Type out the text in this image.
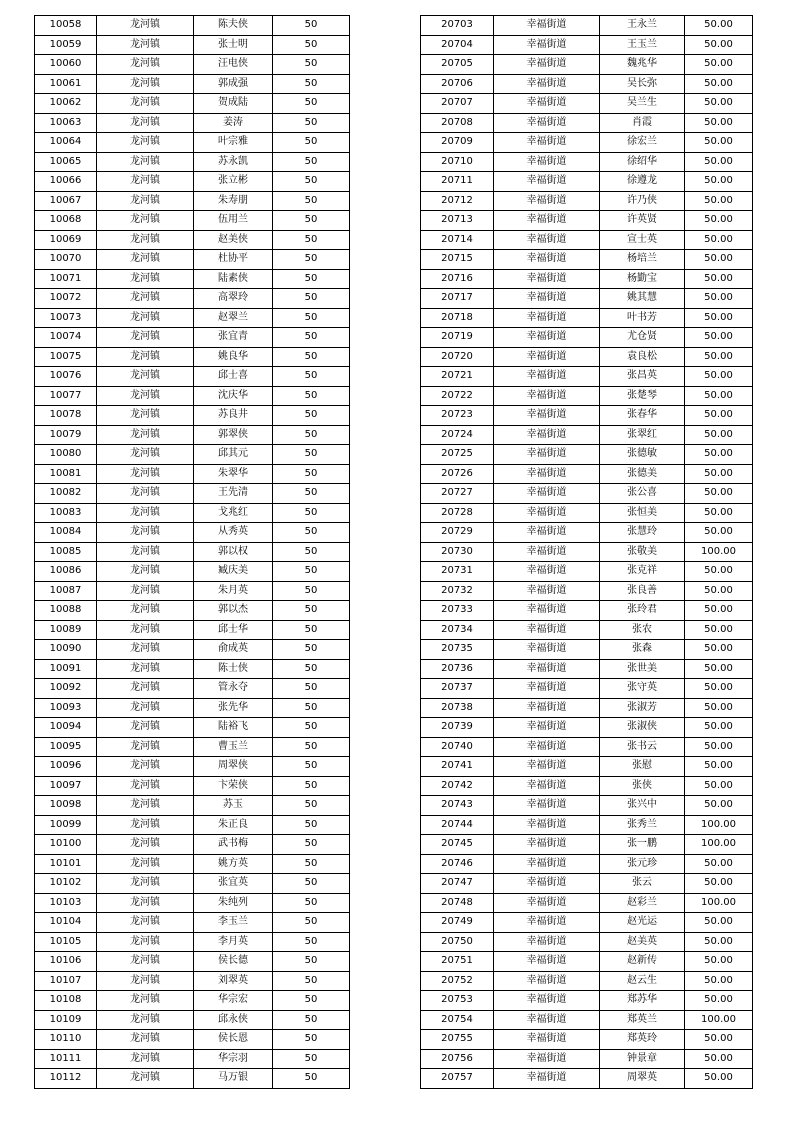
10058	龙河镇	陈夫侠	50
10059	龙河镇	张士明	50
10060	龙河镇	汪电侠	50
10061	龙河镇	郭成强	50
10062	龙河镇	贺成陆	50
10063	龙河镇	姜涛	50
10064	龙河镇	叶宗雅	50
10065	龙河镇	苏永凯	50
10066	龙河镇	张立彬	50
10067	龙河镇	朱寿朋	50
10068	龙河镇	伍用兰	50
10069	龙河镇	赵美侠	50
10070	龙河镇	杜协平	50
10071	龙河镇	陆素侠	50
10072	龙河镇	高翠玲	50
10073	龙河镇	赵翠兰	50
10074	龙河镇	张宜青	50
10075	龙河镇	姚良华	50
10076	龙河镇	邱士喜	50
10077	龙河镇	沈庆华	50
10078	龙河镇	苏良井	50
10079	龙河镇	郭翠侠	50
10080	龙河镇	邱其元	50
10081	龙河镇	朱翠华	50
10082	龙河镇	王先清	50
10083	龙河镇	戈兆红	50
10084	龙河镇	从秀英	50
10085	龙河镇	郭以权	50
10086	龙河镇	臧庆美	50
10087	龙河镇	朱月英	50
10088	龙河镇	郭以杰	50
10089	龙河镇	邱士华	50
10090	龙河镇	俞成英	50
10091	龙河镇	陈士侠	50
10092	龙河镇	管永夺	50
10093	龙河镇	张先华	50
10094	龙河镇	陆裕飞	50
10095	龙河镇	曹玉兰	50
10096	龙河镇	周翠侠	50
10097	龙河镇	卞荣侠	50
10098	龙河镇	苏玉	50
10099	龙河镇	朱正良	50
10100	龙河镇	武书梅	50
10101	龙河镇	姚方英	50
10102	龙河镇	张宜英	50
10103	龙河镇	朱纯列	50
10104	龙河镇	李玉兰	50
10105	龙河镇	李月英	50
10106	龙河镇	侯长德	50
10107	龙河镇	刘翠英	50
10108	龙河镇	华宗宏	50
10109	龙河镇	邱永侠	50
10110	龙河镇	侯长恩	50
10111	龙河镇	华宗羽	50
10112	龙河镇	马万银	50
20703	幸福街道	王永兰	50.00
20704	幸福街道	王玉兰	50.00
20705	幸福街道	魏兆华	50.00
20706	幸福街道	吴长弥	50.00
20707	幸福街道	吴兰生	50.00
20708	幸福街道	肖霞	50.00
20709	幸福街道	徐宏兰	50.00
20710	幸福街道	徐绍华	50.00
20711	幸福街道	徐遵龙	50.00
20712	幸福街道	许乃侠	50.00
20713	幸福街道	许英贤	50.00
20714	幸福街道	宣士英	50.00
20715	幸福街道	杨培兰	50.00
20716	幸福街道	杨勤宝	50.00
20717	幸福街道	姚其慧	50.00
20718	幸福街道	叶书芳	50.00
20719	幸福街道	尤仓贤	50.00
20720	幸福街道	袁良松	50.00
20721	幸福街道	张昌英	50.00
20722	幸福街道	张楚琴	50.00
20723	幸福街道	张春华	50.00
20724	幸福街道	张翠红	50.00
20725	幸福街道	张德敏	50.00
20726	幸福街道	张德美	50.00
20727	幸福街道	张公喜	50.00
20728	幸福街道	张恒美	50.00
20729	幸福街道	张慧玲	50.00
20730	幸福街道	张敬美	100.00
20731	幸福街道	张克祥	50.00
20732	幸福街道	张良善	50.00
20733	幸福街道	张玲君	50.00
20734	幸福街道	张农	50.00
20735	幸福街道	张森	50.00
20736	幸福街道	张世美	50.00
20737	幸福街道	张守英	50.00
20738	幸福街道	张淑芳	50.00
20739	幸福街道	张淑侠	50.00
20740	幸福街道	张书云	50.00
20741	幸福街道	张慰	50.00
20742	幸福街道	张侠	50.00
20743	幸福街道	张兴中	50.00
20744	幸福街道	张秀兰	100.00
20745	幸福街道	张一鹏	100.00
20746	幸福街道	张元珍	50.00
20747	幸福街道	张云	50.00
20748	幸福街道	赵彩兰	100.00
20749	幸福街道	赵光运	50.00
20750	幸福街道	赵美英	50.00
20751	幸福街道	赵新传	50.00
20752	幸福街道	赵云生	50.00
20753	幸福街道	郑苏华	50.00
20754	幸福街道	郑英兰	100.00
20755	幸福街道	郑英玲	50.00
20756	幸福街道	钟景章	50.00
20757	幸福街道	周翠英	50.00
